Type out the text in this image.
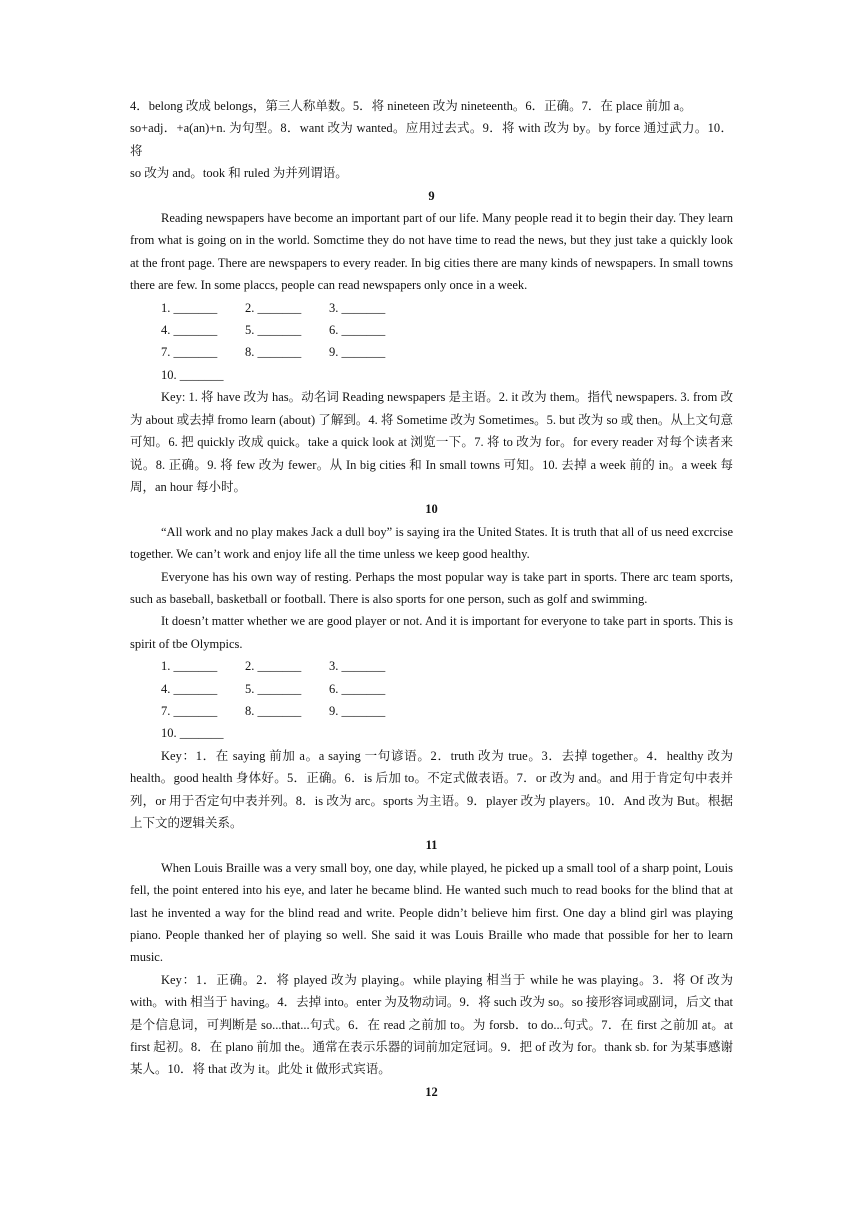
4．belong 改成 belongs，第三人称单数。5．将 nineteen 改为 nineteenth。6．正确。7．在 place 前加 a。

so+adj．+a(an)+n. 为句型。8．want 改为 wanted。应用过去式。9．将 with 改为 by。by force 通过武力。10．将

so 改为 and。took 和 ruled 为并列谓语。

9

Reading newspapers have become an important part of our life. Many people read it to begin their day. They learn from what is going on in the world. Somctime they do not have time to read the news, but they just take a quickly look at the front page. There are newspapers to every reader. In big cities there are many kinds of newspapers. In small towns there are few. In some placcs, people can read newspapers only once in a week.

1. _______	2. _______	3. _______
4. _______	5. _______	6. _______
7. _______	8. _______	9. _______
10. _______

Key: 1. 将 have 改为 has。动名词 Reading newspapers 是主语。2. it 改为 them。指代 newspapers. 3. from 改为 about 或去掉 fromo learn (about) 了解到。4. 将 Sometime 改为 Sometimes。5. but 改为 so 或 then。从上文句意可知。6. 把 quickly 改成 quick。take a quick look at 浏览一下。7. 将 to 改为 for。for every reader 对每个读者来说。8. 正确。9. 将 few 改为 fewer。从 In big cities 和 In small towns 可知。10. 去掉 a week 前的 in。a week 每周，an hour 每小时。

10

“All work and no play makes Jack a dull boy” is saying ira the United States. It is truth that all of us need excrcise together. We can’t work and enjoy life all the time unless we keep good healthy.

Everyone has his own way of resting. Perhaps the most popular way is take part in sports. There arc team sports, such as baseball, basketball or football. There is also sports for one person, such as golf and swimming.

It doesn’t matter whether we are good player or not. And it is important for everyone to take part in sports. This is spirit of tbe Olympics.

1. _______	2. _______	3. _______
4. _______	5. _______	6. _______
7. _______	8. _______	9. _______
10. _______

Key：1．在 saying 前加 a。a saying 一句谚语。2．truth 改为 true。3．去掉 together。4．healthy 改为 health。good health 身体好。5．正确。6．is 后加 to。不定式做表语。7．or 改为 and。and 用于肯定句中表并列，or 用于否定句中表并列。8．is 改为 arc。sports 为主语。9．player 改为 players。10．And 改为 But。根据上下文的逻辑关系。

11

When Louis Braille was a very small boy, one day, while played, he picked up a small tool of a sharp point, Louis fell, the point entered into his eye, and later he became blind. He wanted such much to read books for the blind that at last he invented a way for the blind read and write. People didn’t believe him first. One day a blind girl was playing piano. People thanked her of playing so well. She said it was Louis Braille who made that possible for her to learn music.

Key：1．正确。2．将 played 改为 playing。while playing 相当于 while he was playing。3．将 Of 改为 with。with 相当于 having。4．去掉 into。enter 为及物动词。9．将 such 改为 so。so 接形容词或副词，后文 that 是个信息词，可判断是 so...that...句式。6．在 read 之前加 to。为 forsb．to do...句式。7．在 first 之前加 at。at first 起初。8．在 plano 前加 the。通常在表示乐器的词前加定冠词。9．把 of 改为 for。thank sb. for 为某事感谢某人。10．将 that 改为 it。此处 it 做形式宾语。

12
